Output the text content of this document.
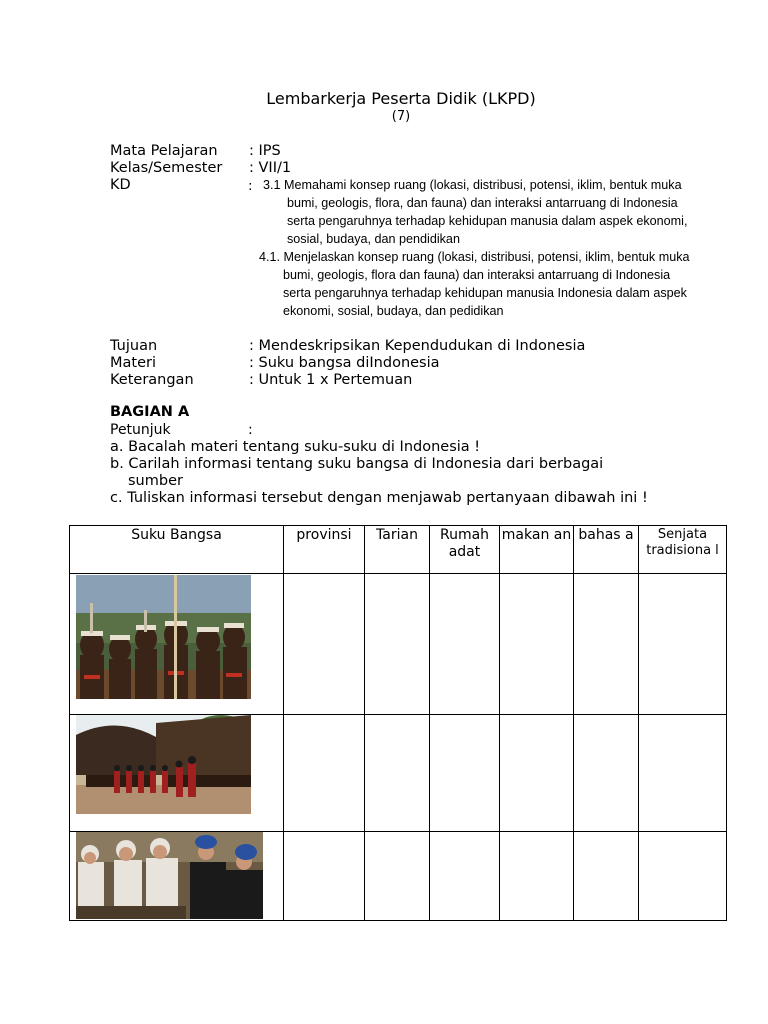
Lembarkerja Peserta Didik (LKPD)
(7)
Mata Pelajaran : IPS
Kelas/Semester : VII/1
KD	: 3.1 Memahami konsep ruang (lokasi, distribusi, potensi, iklim, bentuk muka bumi, geologis, flora, dan fauna) dan interaksi antarruang di Indonesia serta pengaruhnya terhadap kehidupan manusia dalam aspek ekonomi, sosial, budaya, dan pendidikan
4.1. Menjelaskan konsep ruang (lokasi, distribusi, potensi, iklim, bentuk muka bumi, geologis, flora dan fauna) dan interaksi antarruang di Indonesia serta pengaruhnya terhadap kehidupan manusia Indonesia dalam aspek ekonomi, sosial, budaya, dan pedidikan
Tujuan	: Mendeskripsikan Kependudukan di Indonesia
Materi	: Suku bangsa diIndonesia
Keterangan	: Untuk 1 x Pertemuan
BAGIAN A
Petunjuk	:
a. Bacalah materi tentang suku-suku di Indonesia !
b. Carilah informasi tentang suku bangsa di Indonesia dari berbagai
sumber
c. Tuliskan informasi tersebut dengan menjawab pertanyaan dibawah ini !
Suku Bangsa	provinsi	Tarian	Rumah adat	makan an	bahas a	Senjata tradisiona l
